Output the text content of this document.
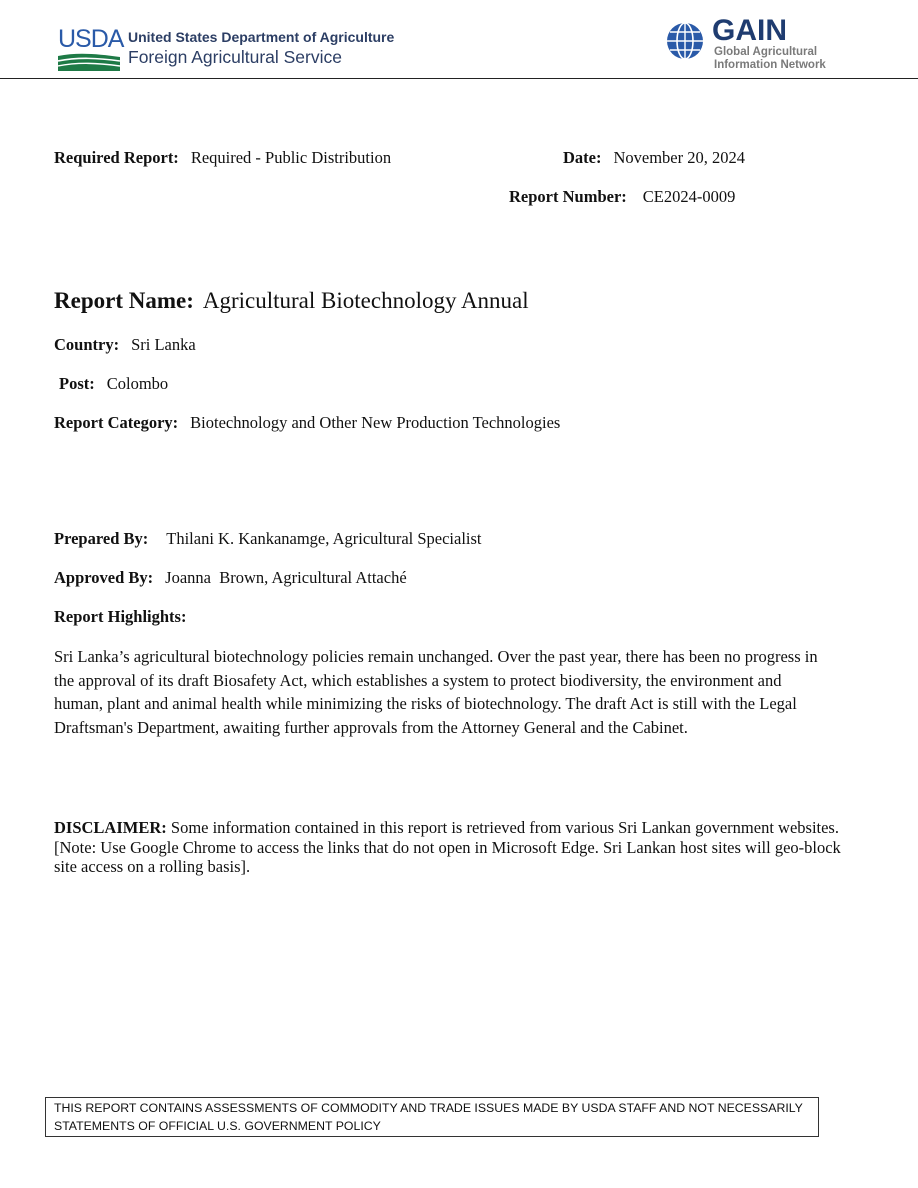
USDA United States Department of Agriculture
Foreign Agricultural Service
GAIN
Global Agricultural
Information Network
Required Report: Required - Public Distribution	Date: November 20, 2024
Report Number: CE2024-0009
Report Name: Agricultural Biotechnology Annual
Country: Sri Lanka
Post: Colombo
Report Category: Biotechnology and Other New Production Technologies
Prepared By: Thilani K. Kankanamge, Agricultural Specialist
Approved By: Joanna  Brown, Agricultural Attaché
Report Highlights:
Sri Lanka’s agricultural biotechnology policies remain unchanged. Over the past year, there has been no progress in the approval of its draft Biosafety Act, which establishes a system to protect biodiversity, the environment and human, plant and animal health while minimizing the risks of biotechnology. The draft Act is still with the Legal Draftsman's Department, awaiting further approvals from the Attorney General and the Cabinet.
DISCLAIMER: Some information contained in this report is retrieved from various Sri Lankan government websites. [Note: Use Google Chrome to access the links that do not open in Microsoft Edge. Sri Lankan host sites will geo-block site access on a rolling basis].
THIS REPORT CONTAINS ASSESSMENTS OF COMMODITY AND TRADE ISSUES MADE BY USDA STAFF AND NOT NECESSARILY
STATEMENTS OF OFFICIAL U.S. GOVERNMENT POLICY
